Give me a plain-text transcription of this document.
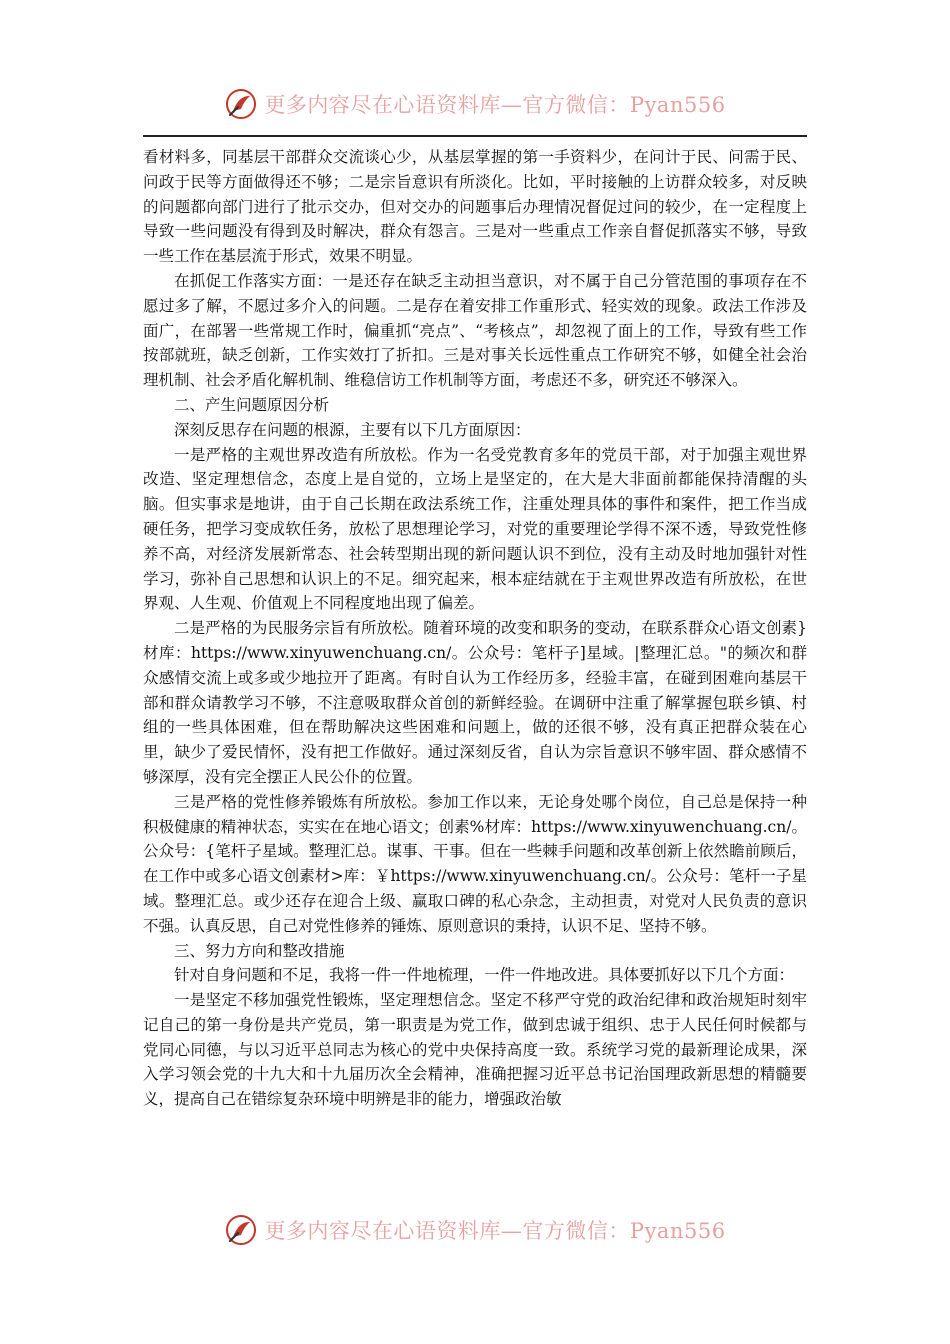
更多内容尽在心语资料库—官方微信：Pyan556

看材料多，同基层干部群众交流谈心少，从基层掌握的第一手资料少，在问计于民、问需于民、问政于民等方面做得还不够；二是宗旨意识有所淡化。比如，平时接触的上访群众较多，对反映的问题都向部门进行了批示交办，但对交办的问题事后办理情况督促过问的较少，在一定程度上导致一些问题没有得到及时解决，群众有怨言。三是对一些重点工作亲自督促抓落实不够，导致一些工作在基层流于形式，效果不明显。

在抓促工作落实方面：一是还存在缺乏主动担当意识，对不属于自己分管范围的事项存在不愿过多了解，不愿过多介入的问题。二是存在着安排工作重形式、轻实效的现象。政法工作涉及面广，在部署一些常规工作时，偏重抓“亮点”、“考核点”，却忽视了面上的工作，导致有些工作按部就班，缺乏创新，工作实效打了折扣。三是对事关长远性重点工作研究不够，如健全社会治理机制、社会矛盾化解机制、维稳信访工作机制等方面，考虑还不多，研究还不够深入。

二、产生问题原因分析

深刻反思存在问题的根源，主要有以下几方面原因：

一是严格的主观世界改造有所放松。作为一名受党教育多年的党员干部，对于加强主观世界改造、坚定理想信念，态度上是自觉的，立场上是坚定的，在大是大非面前都能保持清醒的头脑。但实事求是地讲，由于自己长期在政法系统工作，注重处理具体的事件和案件，把工作当成硬任务，把学习变成软任务，放松了思想理论学习，对党的重要理论学得不深不透，导致党性修养不高，对经济发展新常态、社会转型期出现的新问题认识不到位，没有主动及时地加强针对性学习，弥补自己思想和认识上的不足。细究起来，根本症结就在于主观世界改造有所放松，在世界观、人生观、价值观上不同程度地出现了偏差。

二是严格的为民服务宗旨有所放松。随着环境的改变和职务的变动，在联系群众心语文创素}材库：https://www.xinyuwenchuang.cn/。公众号：笔杆子]星域。|整理汇总。"的频次和群众感情交流上或多或少地拉开了距离。有时自认为工作经历多，经验丰富，在碰到困难向基层干部和群众请教学习不够，不注意吸取群众首创的新鲜经验。在调研中注重了解掌握包联乡镇、村组的一些具体困难，但在帮助解决这些困难和问题上，做的还很不够，没有真正把群众装在心里，缺少了爱民情怀，没有把工作做好。通过深刻反省，自认为宗旨意识不够牢固、群众感情不够深厚，没有完全摆正人民公仆的位置。

三是严格的党性修养锻炼有所放松。参加工作以来，无论身处哪个岗位，自己总是保持一种积极健康的精神状态，实实在在地心语文；创素%材库：https://www.xinyuwenchuang.cn/。公众号：{笔杆子星域。整理汇总。谋事、干事。但在一些棘手问题和改革创新上依然瞻前顾后，在工作中或多心语文创素材>库：￥https://www.xinyuwenchuang.cn/。公众号：笔杆一子星域。整理汇总。或少还存在迎合上级、赢取口碑的私心杂念，主动担责，对党对人民负责的意识不强。认真反思，自己对党性修养的锤炼、原则意识的秉持，认识不足、坚持不够。

三、努力方向和整改措施

针对自身问题和不足，我将一件一件地梳理，一件一件地改进。具体要抓好以下几个方面：

一是坚定不移加强党性锻炼，坚定理想信念。坚定不移严守党的政治纪律和政治规矩时刻牢记自己的第一身份是共产党员，第一职责是为党工作，做到忠诚于组织、忠于人民任何时候都与党同心同德，与以习近平总同志为核心的党中央保持高度一致。系统学习党的最新理论成果，深入学习领会党的十九大和十九届历次全会精神，准确把握习近平总书记治国理政新思想的精髓要义，提高自己在错综复杂环境中明辨是非的能力，增强政治敏

更多内容尽在心语资料库—官方微信：Pyan556
